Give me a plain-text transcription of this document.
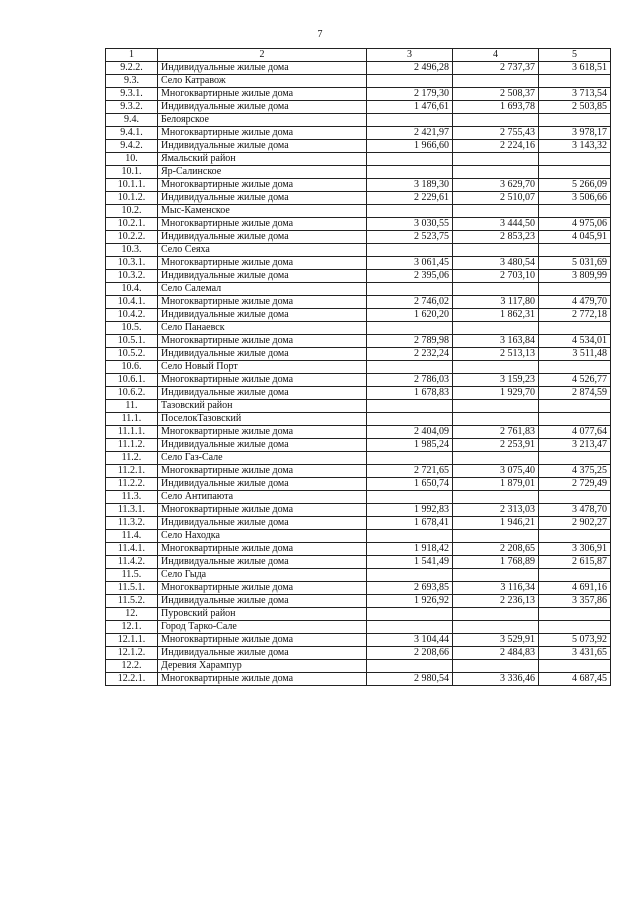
7
1	2	3	4	5
9.2.2.	Индивидуальные жилые дома	2 496,28	2 737,37	3 618,51
9.3.	Село Катравож			
9.3.1.	Многоквартирные жилые дома	2 179,30	2 508,37	3 713,54
9.3.2.	Индивидуальные жилые дома	1 476,61	1 693,78	2 503,85
9.4.	Белоярское			
9.4.1.	Многоквартирные жилые дома	2 421,97	2 755,43	3 978,17
9.4.2.	Индивидуальные жилые дома	1 966,60	2 224,16	3 143,32
10.	Ямальский район			
10.1.	Яр-Салинское			
10.1.1.	Многоквартирные жилые дома	3 189,30	3 629,70	5 266,09
10.1.2.	Индивидуальные жилые дома	2 229,61	2 510,07	3 506,66
10.2.	Мыс-Каменское			
10.2.1.	Многоквартирные жилые дома	3 030,55	3 444,50	4 975,06
10.2.2.	Индивидуальные жилые дома	2 523,75	2 853,23	4 045,91
10.3.	Село Сеяха			
10.3.1.	Многоквартирные жилые дома	3 061,45	3 480,54	5 031,69
10.3.2.	Индивидуальные жилые дома	2 395,06	2 703,10	3 809,99
10.4.	Село Салемал			
10.4.1.	Многоквартирные жилые дома	2 746,02	3 117,80	4 479,70
10.4.2.	Индивидуальные жилые дома	1 620,20	1 862,31	2 772,18
10.5.	Село Панаевск			
10.5.1.	Многоквартирные жилые дома	2 789,98	3 163,84	4 534,01
10.5.2.	Индивидуальные жилые дома	2 232,24	2 513,13	3 511,48
10.6.	Село Новый Порт			
10.6.1.	Многоквартирные жилые дома	2 786,03	3 159,23	4 526,77
10.6.2.	Индивидуальные жилые дома	1 678,83	1 929,70	2 874,59
11.	Тазовский район			
11.1.	ПоселокТазовский			
11.1.1.	Многоквартирные жилые дома	2 404,09	2 761,83	4 077,64
11.1.2.	Индивидуальные жилые дома	1 985,24	2 253,91	3 213,47
11.2.	Село Газ-Сале			
11.2.1.	Многоквартирные жилые дома	2 721,65	3 075,40	4 375,25
11.2.2.	Индивидуальные жилые дома	1 650,74	1 879,01	2 729,49
11.3.	Село Антипаюта			
11.3.1.	Многоквартирные жилые дома	1 992,83	2 313,03	3 478,70
11.3.2.	Индивидуальные жилые дома	1 678,41	1 946,21	2 902,27
11.4.	Село Находка			
11.4.1.	Многоквартирные жилые дома	1 918,42	2 208,65	3 306,91
11.4.2.	Индивидуальные жилые дома	1 541,49	1 768,89	2 615,87
11.5.	Село Гыда			
11.5.1.	Многоквартирные жилые дома	2 693,85	3 116,34	4 691,16
11.5.2.	Индивидуальные жилые дома	1 926,92	2 236,13	3 357,86
12.	Пуровский район			
12.1.	Город Тарко-Сале			
12.1.1.	Многоквартирные жилые дома	3 104,44	3 529,91	5 073,92
12.1.2.	Индивидуальные жилые дома	2 208,66	2 484,83	3 431,65
12.2.	Деревия Харампур			
12.2.1.	Многоквартирные жилые дома	2 980,54	3 336,46	4 687,45
